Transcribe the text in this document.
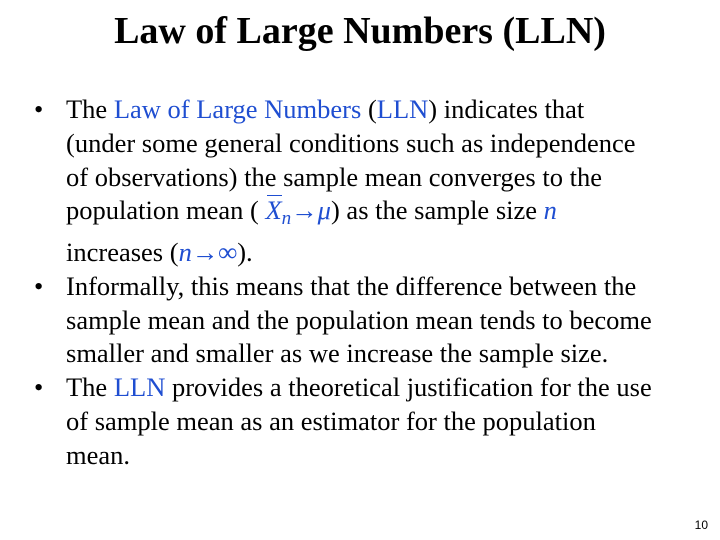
Law of Large Numbers (LLN)
• The Law of Large Numbers (LLN) indicates that
(under some general conditions such as independence
of observations) the sample mean converges to the
population mean ( $X_n\to\mu$) as the sample size n
increases (n→∞).
• Informally, this means that the difference between the
sample mean and the population mean tends to become
smaller and smaller as we increase the sample size.
• The LLN provides a theoretical justification for the use
of sample mean as an estimator for the population
mean.
10
